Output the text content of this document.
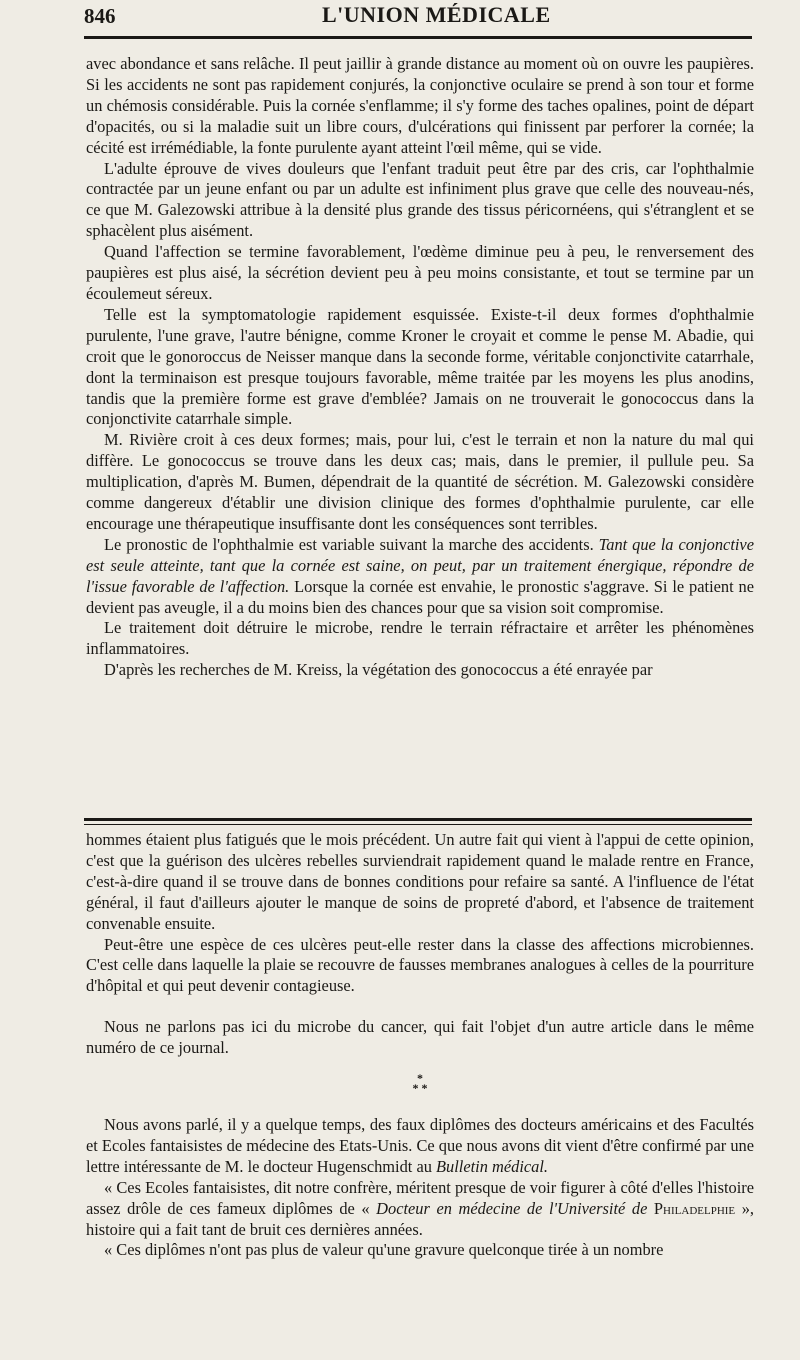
846	L'UNION MÉDICALE

avec abondance et sans relâche. Il peut jaillir à grande distance au moment où on ouvre les paupières. Si les accidents ne sont pas rapidement conjurés, la conjonctive oculaire se prend à son tour et forme un chémosis considérable. Puis la cornée s'enflamme; il s'y forme des taches opalines, point de départ d'opacités, ou si la maladie suit un libre cours, d'ulcérations qui finissent par perforer la cornée; la cécité est irrémédiable, la fonte purulente ayant atteint l'œil même, qui se vide.

L'adulte éprouve de vives douleurs que l'enfant traduit peut être par des cris, car l'ophthalmie contractée par un jeune enfant ou par un adulte est infiniment plus grave que celle des nouveau-nés, ce que M. Galezowski attribue à la densité plus grande des tissus péricornéens, qui s'étranglent et se sphacèlent plus aisément.

Quand l'affection se termine favorablement, l'œdème diminue peu à peu, le renversement des paupières est plus aisé, la sécrétion devient peu à peu moins consistante, et tout se termine par un écoulemeut séreux.

Telle est la symptomatologie rapidement esquissée. Existe-t-il deux formes d'ophthalmie purulente, l'une grave, l'autre bénigne, comme Kroner le croyait et comme le pense M. Abadie, qui croit que le gonoroccus de Neisser manque dans la seconde forme, véritable conjonctivite catarrhale, dont la terminaison est presque toujours favorable, même traitée par les moyens les plus anodins, tandis que la première forme est grave d'emblée? Jamais on ne trouverait le gonococcus dans la conjonctivite catarrhale simple.

M. Rivière croit à ces deux formes; mais, pour lui, c'est le terrain et non la nature du mal qui diffère. Le gonococcus se trouve dans les deux cas; mais, dans le premier, il pullule peu. Sa multiplication, d'après M. Bumen, dépendrait de la quantité de sécrétion. M. Galezowski considère comme dangereux d'établir une division clinique des formes d'ophthalmie purulente, car elle encourage une thérapeutique insuffisante dont les conséquences sont terribles.

Le pronostic de l'ophthalmie est variable suivant la marche des accidents. Tant que la conjonctive est seule atteinte, tant que la cornée est saine, on peut, par un traitement énergique, répondre de l'issue favorable de l'affection. Lorsque la cornée est envahie, le pronostic s'aggrave. Si le patient ne devient pas aveugle, il a du moins bien des chances pour que sa vision soit compromise.

Le traitement doit détruire le microbe, rendre le terrain réfractaire et arrêter les phénomènes inflammatoires.

D'après les recherches de M. Kreiss, la végétation des gonococcus a été enrayée par

hommes étaient plus fatigués que le mois précédent. Un autre fait qui vient à l'appui de cette opinion, c'est que la guérison des ulcères rebelles surviendrait rapidement quand le malade rentre en France, c'est-à-dire quand il se trouve dans de bonnes conditions pour refaire sa santé. A l'influence de l'état général, il faut d'ailleurs ajouter le manque de soins de propreté d'abord, et l'absence de traitement convenable ensuite.

Peut-être une espèce de ces ulcères peut-elle rester dans la classe des affections microbiennes. C'est celle dans laquelle la plaie se recouvre de fausses membranes analogues à celles de la pourriture d'hôpital et qui peut devenir contagieuse.

Nous ne parlons pas ici du microbe du cancer, qui fait l'objet d'un autre article dans le même numéro de ce journal.

*
* *

Nous avons parlé, il y a quelque temps, des faux diplômes des docteurs américains et des Facultés et Ecoles fantaisistes de médecine des Etats-Unis. Ce que nous avons dit vient d'être confirmé par une lettre intéressante de M. le docteur Hugenschmidt au Bulletin médical.

« Ces Ecoles fantaisistes, dit notre confrère, méritent presque de voir figurer à côté d'elles l'histoire assez drôle de ces fameux diplômes de « Docteur en médecine de l'Université de Philadelphie », histoire qui a fait tant de bruit ces dernières années.

« Ces diplômes n'ont pas plus de valeur qu'une gravure quelconque tirée à un nombre
